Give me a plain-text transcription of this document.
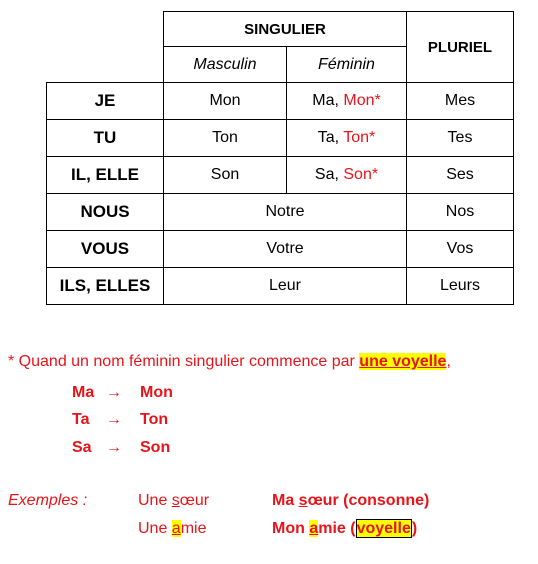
	SINGULIER		PLURIEL
	Masculin	Féminin	
JE	Mon	Ma, Mon*	Mes
TU	Ton	Ta, Ton*	Tes
IL, ELLE	Son	Sa, Son*	Ses
NOUS	Notre		Nos
VOUS	Votre		Vos
ILS, ELLES	Leur		Leurs
* Quand un nom féminin singulier commence par une voyelle,
Ma → Mon
Ta → Ton
Sa → Son
Exemples :	Une sœur	Ma sœur (consonne)
Une amie	Mon amie (voyelle)
